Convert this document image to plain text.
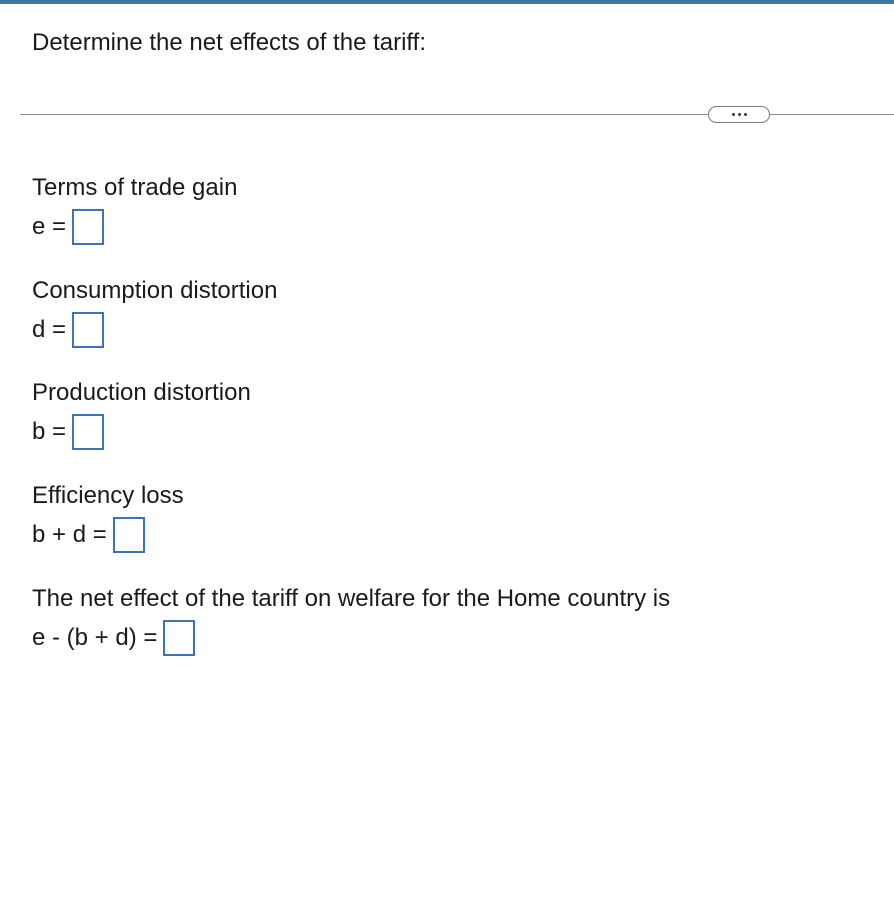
Determine the net effects of the tariff:
Terms of trade gain
e =
Consumption distortion
d =
Production distortion
b =
Efficiency loss
b + d =
The net effect of the tariff on welfare for the Home country is
e - (b + d) =
